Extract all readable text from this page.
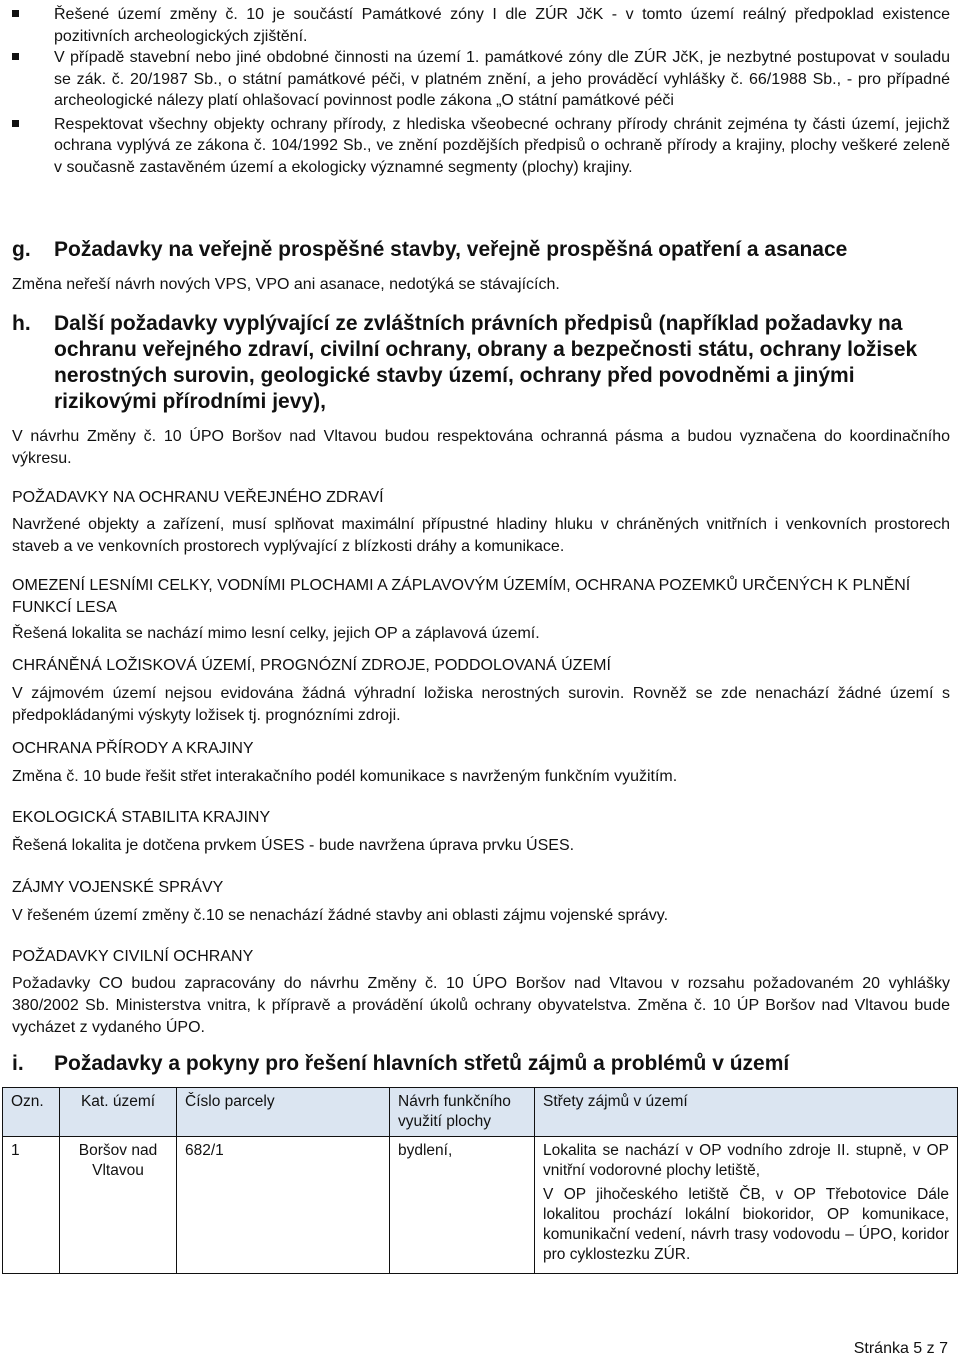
Řešené území změny č. 10 je součástí Památkové zóny I dle ZÚR JčK - v tomto území reálný předpoklad existence pozitivních archeologických zjištění.
V případě stavební nebo jiné obdobné činnosti na území 1. památkové zóny dle ZÚR JčK, je nezbytné postupovat v souladu se zák. č. 20/1987 Sb., o státní památkové péči, v platném znění, a jeho prováděcí vyhlášky č. 66/1988 Sb., - pro případné archeologické nálezy platí ohlašovací povinnost podle zákona „O státní památkové péči
Respektovat všechny objekty ochrany přírody, z hlediska všeobecné ochrany přírody chránit zejména ty části území, jejichž ochrana vyplývá ze zákona č. 104/1992 Sb., ve znění pozdějších předpisů o ochraně přírody a krajiny, plochy veškeré zeleně v současně zastavěném území a ekologicky významné segmenty (plochy) krajiny.
g.	Požadavky na veřejně prospěšné stavby, veřejně prospěšná opatření a asanace

Změna neřeší návrh nových VPS, VPO ani asanace, nedotýká se stávajících.

h.	Další požadavky vyplývající ze zvláštních právních předpisů (například požadavky na ochranu veřejného zdraví, civilní ochrany, obrany a bezpečnosti státu, ochrany ložisek nerostných surovin, geologické stavby území, ochrany před povodněmi a jinými rizikovými přírodními jevy),

V návrhu Změny č. 10 ÚPO Boršov nad Vltavou budou respektována ochranná pásma a budou vyznačena do koordinačního výkresu.

POŽADAVKY NA OCHRANU VEŘEJNÉHO ZDRAVÍ

Navržené objekty a zařízení, musí splňovat maximální přípustné hladiny hluku v chráněných vnitřních i venkovních prostorech staveb a ve venkovních prostorech vyplývající z blízkosti dráhy a komunikace.

OMEZENÍ LESNÍMI CELKY, VODNÍMI PLOCHAMI A ZÁPLAVOVÝM ÚZEMÍM, OCHRANA POZEMKŮ URČENÝCH K PLNĚNÍ FUNKCÍ LESA

Řešená lokalita se nachází mimo lesní celky, jejich OP a záplavová území.

CHRÁNĚNÁ LOŽISKOVÁ ÚZEMÍ, PROGNÓZNÍ ZDROJE, PODDOLOVANÁ ÚZEMÍ

V zájmovém území nejsou evidována žádná výhradní ložiska nerostných surovin. Rovněž se zde nenachází žádné území s předpokládanými výskyty ložisek tj. prognózními zdroji.

OCHRANA PŘÍRODY A KRAJINY

Změna č. 10 bude řešit střet interakačního podél komunikace s navrženým funkčním využitím.

EKOLOGICKÁ STABILITA KRAJINY

Řešená lokalita je dotčena prvkem ÚSES - bude navržena úprava prvku ÚSES.

ZÁJMY VOJENSKÉ SPRÁVY

V řešeném území změny č.10 se nenachází žádné stavby ani oblasti zájmu vojenské správy.

POŽADAVKY CIVILNÍ OCHRANY

Požadavky CO budou zapracovány do návrhu Změny č. 10 ÚPO Boršov nad Vltavou v rozsahu požadovaném 20 vyhlášky 380/2002 Sb. Ministerstva vnitra, k přípravě a provádění úkolů ochrany obyvatelstva. Změna č. 10 ÚP Boršov nad Vltavou bude vycházet z vydaného ÚPO.

i.	Požadavky a pokyny pro řešení hlavních střetů zájmů a problémů v území
Ozn.	Kat. území	Číslo parcely	Návrh funkčního využití plochy	Střety zájmů v území
1	Boršov nad Vltavou	682/1	bydlení,	Lokalita se nachází v OP vodního zdroje II. stupně, v OP vnitřní vodorovné plochy letiště,

V OP jihočeského letiště ČB, v OP Třebotovice Dále lokalitou prochází lokální biokoridor, OP komunikace, komunikační vedení, návrh trasy vodovodu – ÚPO, koridor pro cyklostezku ZÚR.

Stránka 5 z 7
